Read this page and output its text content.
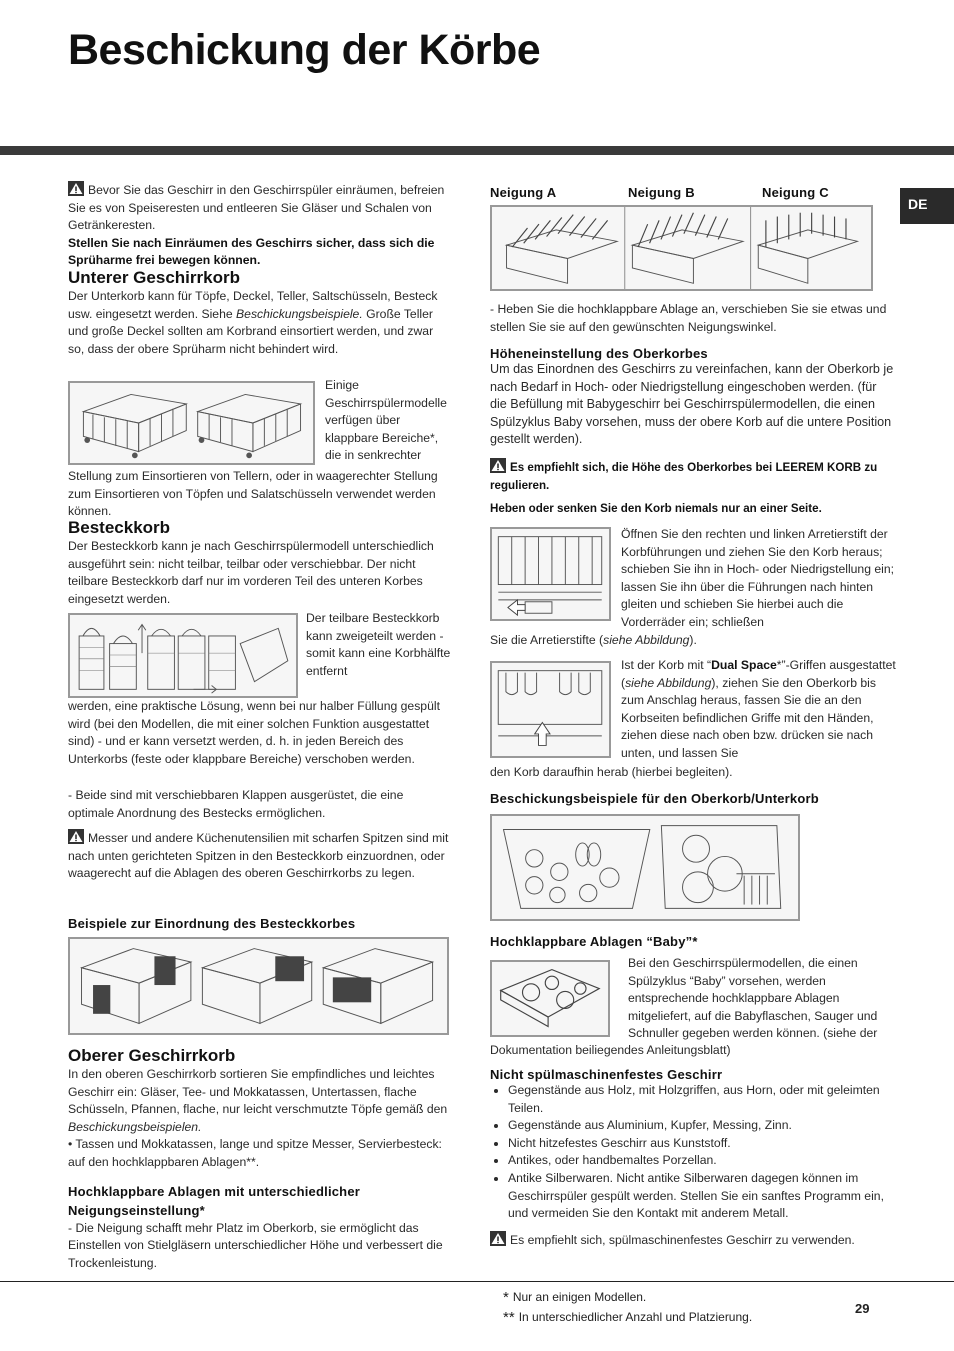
Beschickung der Körbe
DE

Bevor Sie das Geschirr in den Geschirrspüler einräumen, befreien Sie es von Speiseresten und entleeren Sie Gläser und Schalen von Getränkeresten.

Stellen Sie nach Einräumen des Geschirrs sicher, dass sich die Sprüharme frei bewegen können.

Unterer Geschirrkorb

Der Unterkorb kann für Töpfe, Deckel, Teller, Saltschüsseln, Besteck usw. eingesetzt werden. Siehe Beschickungsbeispiele. Große Teller und große Deckel sollten am Korbrand einsortiert werden, und zwar so, dass der obere Sprüharm nicht behindert wird.

Einige Geschirrspülermodelle verfügen über klappbare Bereiche*, die in senkrechter
Stellung zum Einsortieren von Tellern, oder in waagerechter Stellung zum Einsortieren von Töpfen und Salatschüsseln verwendet werden können.

Besteckkorb

Der Besteckkorb kann je nach Geschirrspülermodell unterschiedlich ausgeführt sein: nicht teilbar, teilbar oder verschiebbar. Der nicht teilbare Besteckkorb darf nur im vorderen Teil des unteren Korbes eingesetzt werden.
Der teilbare Besteckkorb kann zweigeteilt werden - somit kann eine Korbhälfte entfernt
werden, eine praktische Lösung, wenn bei nur halber Füllung gespült wird (bei den Modellen, die mit einer solchen Funktion ausgestattet sind) - und er kann versetzt werden, d. h. in jeden Bereich des Unterkorbs (feste oder klappbare Bereiche) verschoben werden.
- Beide sind mit verschiebbaren Klappen ausgerüstet, die eine optimale Anordnung des Bestecks ermöglichen.
Messer und andere Küchenutensilien mit scharfen Spitzen sind mit nach unten gerichteten Spitzen in den Besteckkorb einzuordnen, oder waagerecht auf die Ablagen des oberen Geschirrkorbs zu legen.

Beispiele zur Einordnung des Besteckkorbes

Oberer Geschirrkorb

In den oberen Geschirrkorb sortieren Sie empfindliches und leichtes Geschirr ein: Gläser, Tee- und Mokkatassen, Untertassen, flache Schüsseln, Pfannen, flache, nur leicht verschmutzte Töpfe gemäß den Beschickungsbeispielen.

• Tassen und Mokkatassen, lange und spitze Messer, Servierbesteck: auf den hochklappbaren Ablagen**.

Hochklappbare Ablagen mit unterschiedlicher Neigungseinstellung*

- Die Neigung schafft mehr Platz im Oberkorb, sie ermöglicht das Einstellen von Stielgläsern unterschiedlicher Höhe und verbessert die Trockenleistung.
Neigung A	Neigung B	Neigung C
- Heben Sie die hochklappbare Ablage an, verschieben Sie sie etwas und stellen Sie sie auf den gewünschten Neigungswinkel.

Höheneinstellung des Oberkorbes

Um das Einordnen des Geschirrs zu vereinfachen, kann der Oberkorb je nach Bedarf in Hoch- oder Niedrigstellung eingeschoben werden. (für die Befüllung mit Babygeschirr bei Geschirrspülermodellen, die einen Spülzyklus Baby vorsehen, muss der obere Korb auf die untere Position gestellt werden).
Es empfiehlt sich, die Höhe des Oberkorbes bei LEEREM KORB zu regulieren.
Heben oder senken Sie den Korb niemals nur an einer Seite.
Öffnen Sie den rechten und linken Arretierstift der Korbführungen und ziehen Sie den Korb heraus; schieben Sie ihn in Hoch- oder Niedrigstellung ein; lassen Sie ihn über die Führungen nach hinten gleiten und schieben Sie hierbei auch die Vorderräder ein; schließen
Sie die Arretierstifte (siehe Abbildung).
Ist der Korb mit “Dual Space*”-Griffen ausgestattet (siehe Abbildung), ziehen Sie den Oberkorb bis zum Anschlag heraus, fassen Sie die an den Korbseiten befindlichen Griffe mit den Händen, ziehen diese nach oben bzw. drücken sie nach unten, und lassen Sie
den Korb daraufhin herab (hierbei begleiten).

Beschickungsbeispiele für den Oberkorb/Unterkorb

Hochklappbare Ablagen “Baby”*

Bei den Geschirrspülermodellen, die einen Spülzyklus “Baby” vorsehen, werden entsprechende hochklappbare Ablagen mitgeliefert, auf die Babyflaschen, Sauger und Schnuller gegeben werden können. (siehe der
Dokumentation beiliegendes Anleitungsblatt)

Nicht spülmaschinenfestes Geschirr

• Gegenstände aus Holz, mit Holzgriffen, aus Horn, oder mit geleimten Teilen.
• Gegenstände aus Aluminium, Kupfer, Messing, Zinn.
• Nicht hitzefestes Geschirr aus Kunststoff.
• Antikes, oder handbemaltes Porzellan.
• Antike Silberwaren. Nicht antike Silberwaren dagegen können im Geschirrspüler gespült werden. Stellen Sie ein sanftes Programm ein, und vermeiden Sie den Kontakt mit anderem Metall.
Es empfiehlt sich, spülmaschinenfestes Geschirr zu verwenden.
* Nur an einigen Modellen.
** In unterschiedlicher Anzahl und Platzierung.
29
